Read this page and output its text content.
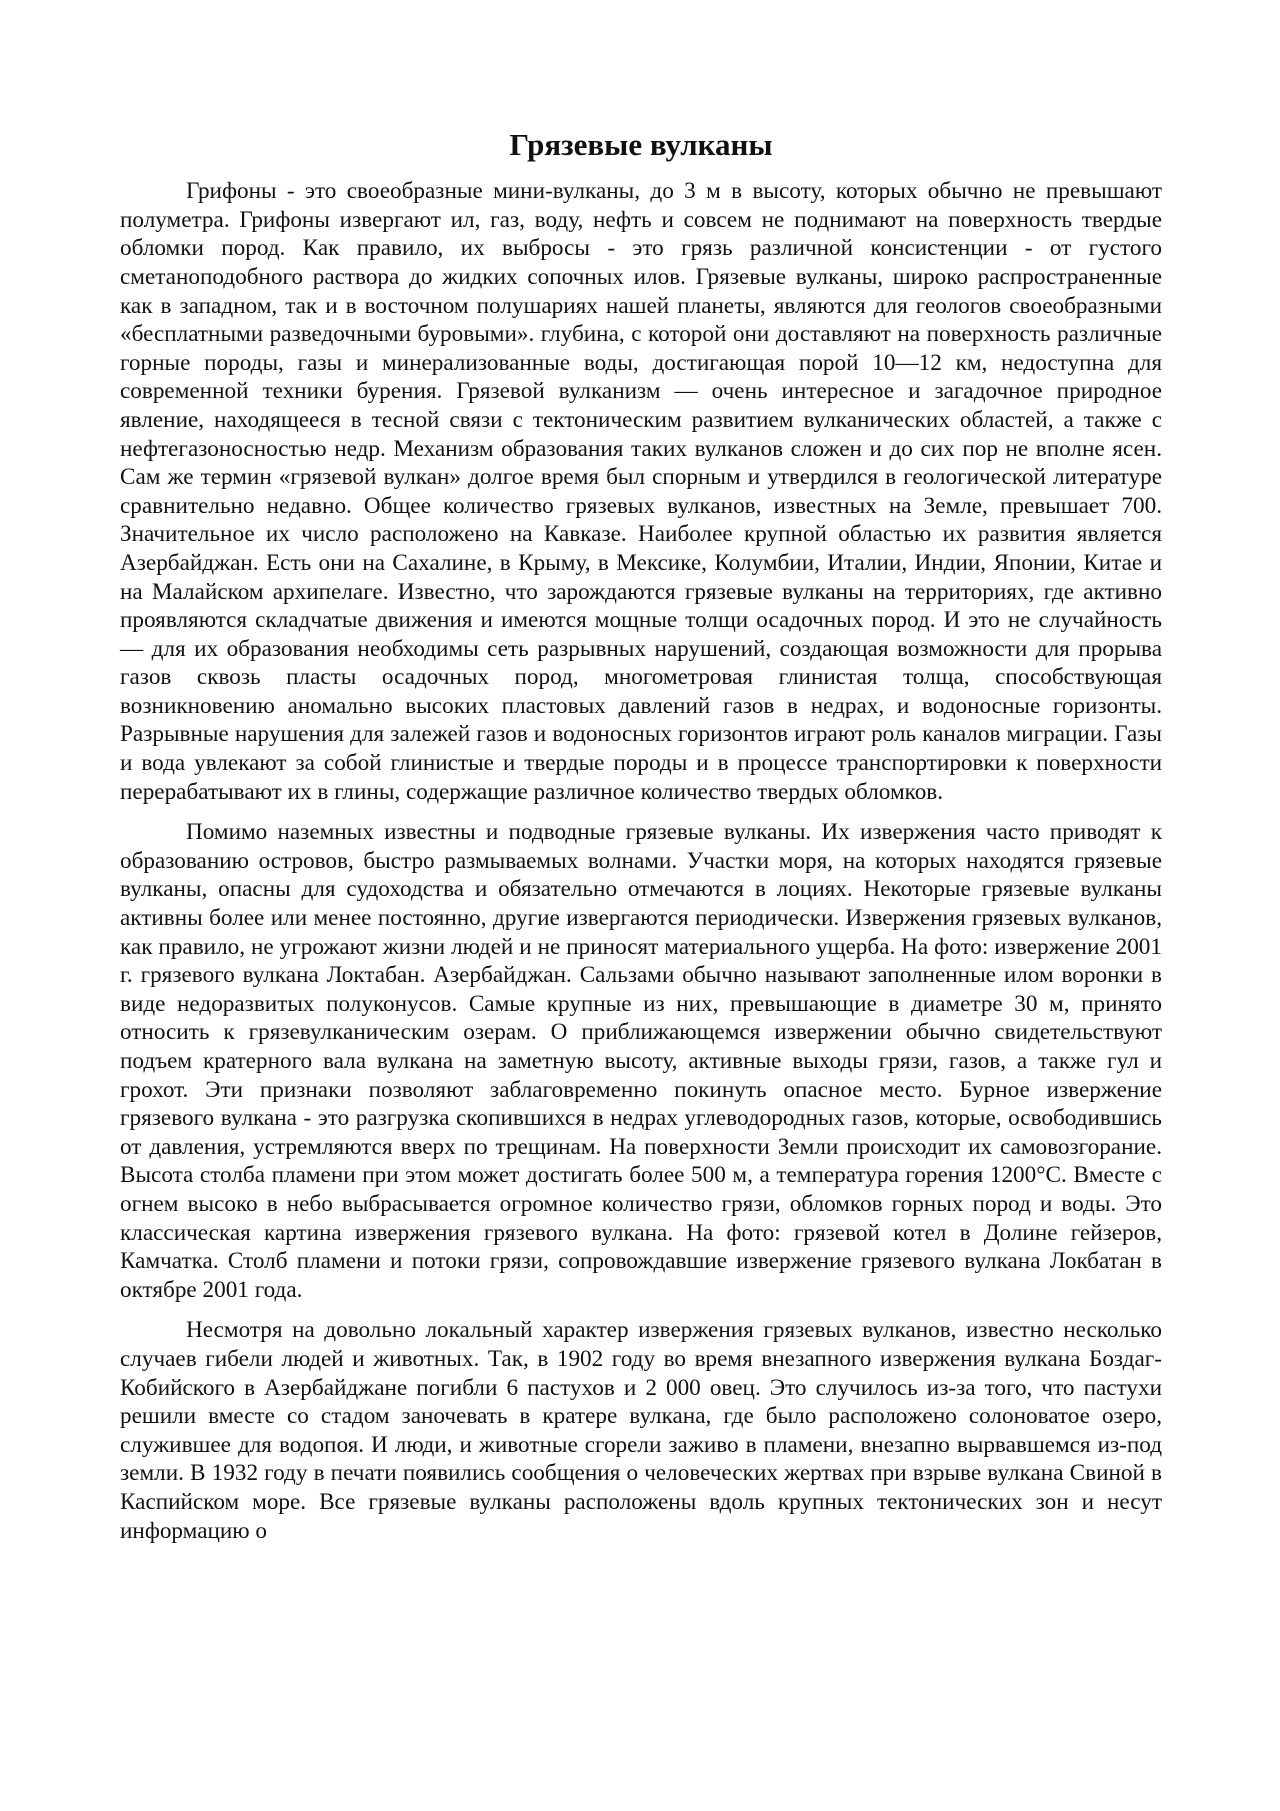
Грязевые вулканы

Грифоны - это своеобразные мини-вулканы, до 3 м в высоту, которых обычно не превышают полуметра. Грифоны извергают ил, газ, воду, нефть и совсем не поднимают на поверхность твердые обломки пород. Как правило, их выбросы - это грязь различной консистенции - от густого сметаноподобного раствора до жидких сопочных илов. Грязевые вулканы, широко распространенные как в западном, так и в восточном полушариях нашей планеты, являются для геологов своеобразными «бесплатными разведочными буровыми». глубина, с которой они доставляют на поверхность различные горные породы, газы и минерализованные воды, достигающая порой 10—12 км, недоступна для современной техники бурения. Грязевой вулканизм — очень интересное и загадочное природное явление, находящееся в тесной связи с тектоническим развитием вулканических областей, а также с нефтегазоносностью недр. Механизм образования таких вулканов сложен и до сих пор не вполне ясен. Сам же термин «грязевой вулкан» долгое время был спорным и утвердился в геологической литературе сравнительно недавно. Общее количество грязевых вулканов, известных на Земле, превышает 700. Значительное их число расположено на Кавказе. Наиболее крупной областью их развития является Азербайджан. Есть они на Сахалине, в Крыму, в Мексике, Колумбии, Италии, Индии, Японии, Китае и на Малайском архипелаге. Известно, что зарождаются грязевые вулканы на территориях, где активно проявляются складчатые движения и имеются мощные толщи осадочных пород. И это не случайность — для их образования необходимы сеть разрывных нарушений, создающая возможности для прорыва газов сквозь пласты осадочных пород, многометровая глинистая толща, способствующая возникновению аномально высоких пластовых давлений газов в недрах, и водоносные горизонты. Разрывные нарушения для залежей газов и водоносных горизонтов играют роль каналов миграции. Газы и вода увлекают за собой глинистые и твердые породы и в процессе транспортировки к поверхности перерабатывают их в глины, содержащие различное количество твердых обломков.

Помимо наземных известны и подводные грязевые вулканы. Их извержения часто приводят к образованию островов, быстро размываемых волнами. Участки моря, на которых находятся грязевые вулканы, опасны для судоходства и обязательно отмечаются в лоциях. Некоторые грязевые вулканы активны более или менее постоянно, другие извергаются периодически. Извержения грязевых вулканов, как правило, не угрожают жизни людей и не приносят материального ущерба. На фото: извержение 2001 г. грязевого вулкана Локтабан. Азербайджан. Сальзами обычно называют заполненные илом воронки в виде недоразвитых полуконусов. Самые крупные из них, превышающие в диаметре 30 м, принято относить к грязевулканическим озерам. О приближающемся извержении обычно свидетельствуют подъем кратерного вала вулкана на заметную высоту, активные выходы грязи, газов, а также гул и грохот. Эти признаки позволяют заблаговременно покинуть опасное место. Бурное извержение грязевого вулкана - это разгрузка скопившихся в недрах углеводородных газов, которые, освободившись от давления, устремляются вверх по трещинам. На поверхности Земли происходит их самовозгорание. Высота столба пламени при этом может достигать более 500 м, а температура горения 1200°С. Вместе с огнем высоко в небо выбрасывается огромное количество грязи, обломков горных пород и воды. Это классическая картина извержения грязевого вулкана. На фото: грязевой котел в Долине гейзеров, Камчатка. Столб пламени и потоки грязи, сопровождавшие извержение грязевого вулкана Локбатан в октябре 2001 года.

Несмотря на довольно локальный характер извержения грязевых вулканов, известно несколько случаев гибели людей и животных. Так, в 1902 году во время внезапного извержения вулкана Боздаг-Кобийского в Азербайджане погибли 6 пастухов и 2 000 овец. Это случилось из-за того, что пастухи решили вместе со стадом заночевать в кратере вулкана, где было расположено солоноватое озеро, служившее для водопоя. И люди, и животные сгорели заживо в пламени, внезапно вырвавшемся из-под земли. В 1932 году в печати появились сообщения о человеческих жертвах при взрыве вулкана Свиной в Каспийском море. Все грязевые вулканы расположены вдоль крупных тектонических зон и несут информацию о
